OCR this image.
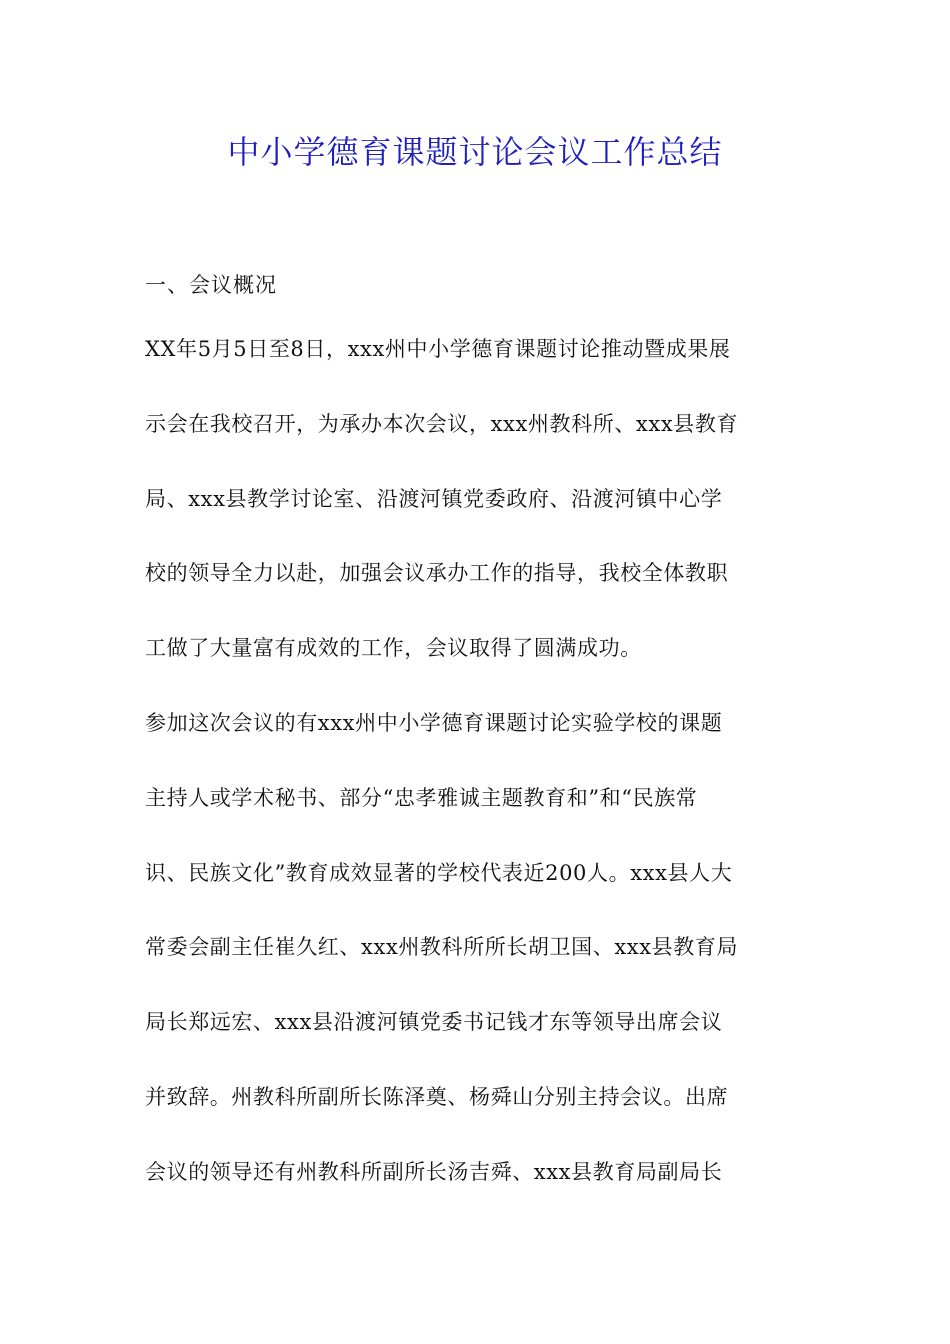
中小学德育课题讨论会议工作总结

一、会议概况

XX年5月5日至8日，xxx州中小学德育课题讨论推动暨成果展

示会在我校召开，为承办本次会议，xxx州教科所、xxx县教育

局、xxx县教学讨论室、沿渡河镇党委政府、沿渡河镇中心学

校的领导全力以赴，加强会议承办工作的指导，我校全体教职

工做了大量富有成效的工作，会议取得了圆满成功。

参加这次会议的有xxx州中小学德育课题讨论实验学校的课题

主持人或学术秘书、部分“忠孝雅诚主题教育和”和“民族常

识、民族文化”教育成效显著的学校代表近200人。xxx县人大

常委会副主任崔久红、xxx州教科所所长胡卫国、xxx县教育局

局长郑远宏、xxx县沿渡河镇党委书记钱才东等领导出席会议

并致辞。州教科所副所长陈泽奠、杨舜山分别主持会议。出席

会议的领导还有州教科所副所长汤吉舜、xxx县教育局副局长
